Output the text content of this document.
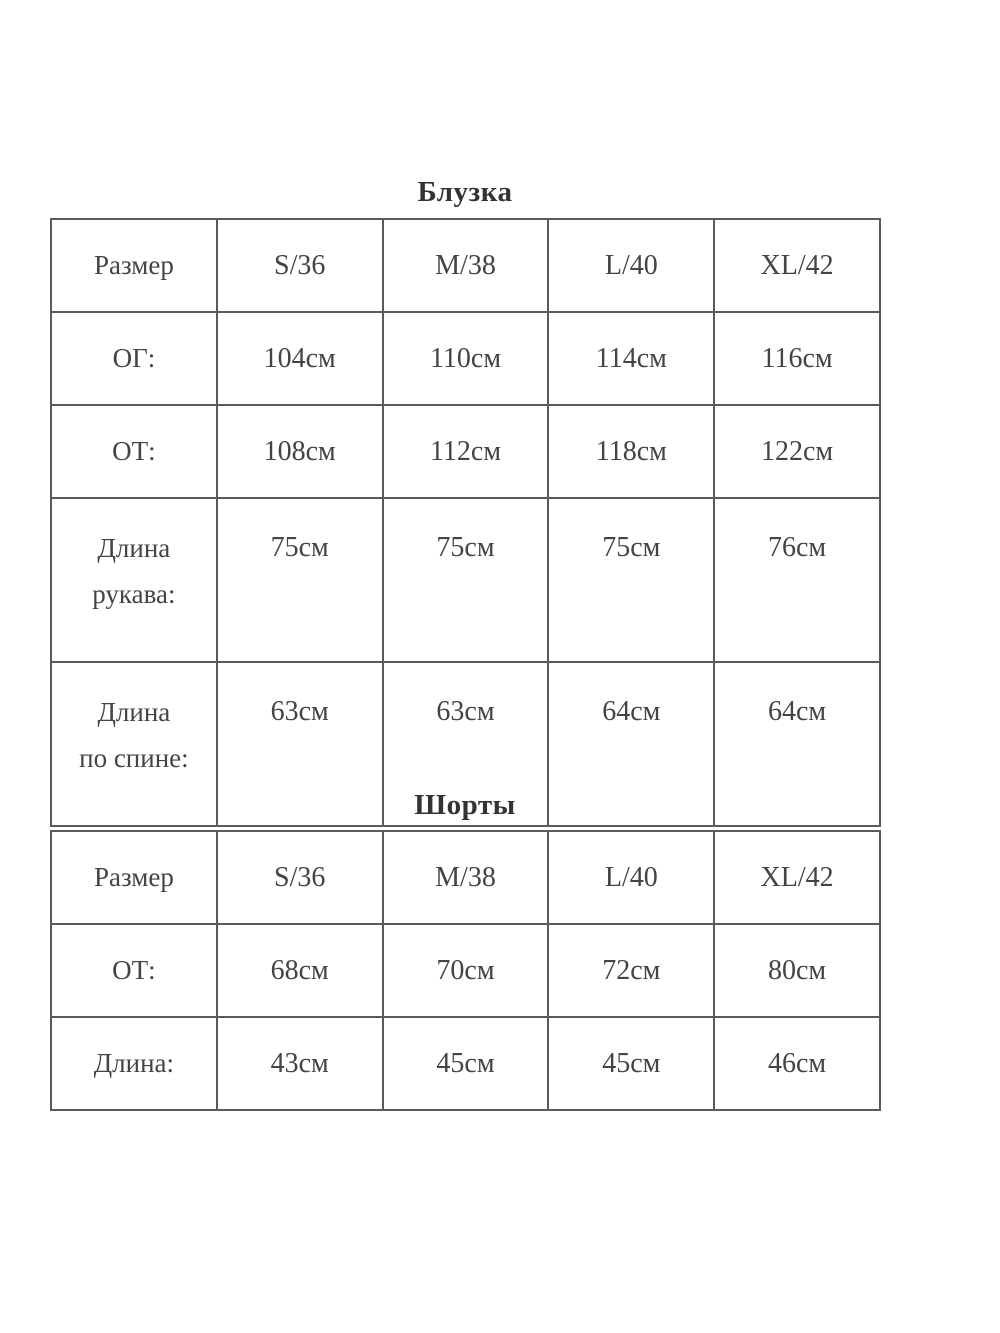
Блузка
Размер	S/36	M/38	L/40	XL/42
ОГ:	104см	110см	114см	116см
ОТ:	108см	112см	118см	122см

Длина
рукава:	75см	75см	75см	76см

Длина
по спине:	63см	63см	64см	64см
Шорты
Размер	S/36	M/38	L/40	XL/42
ОТ:	68см	70см	72см	80см
Длина:	43см	45см	45см	46см
